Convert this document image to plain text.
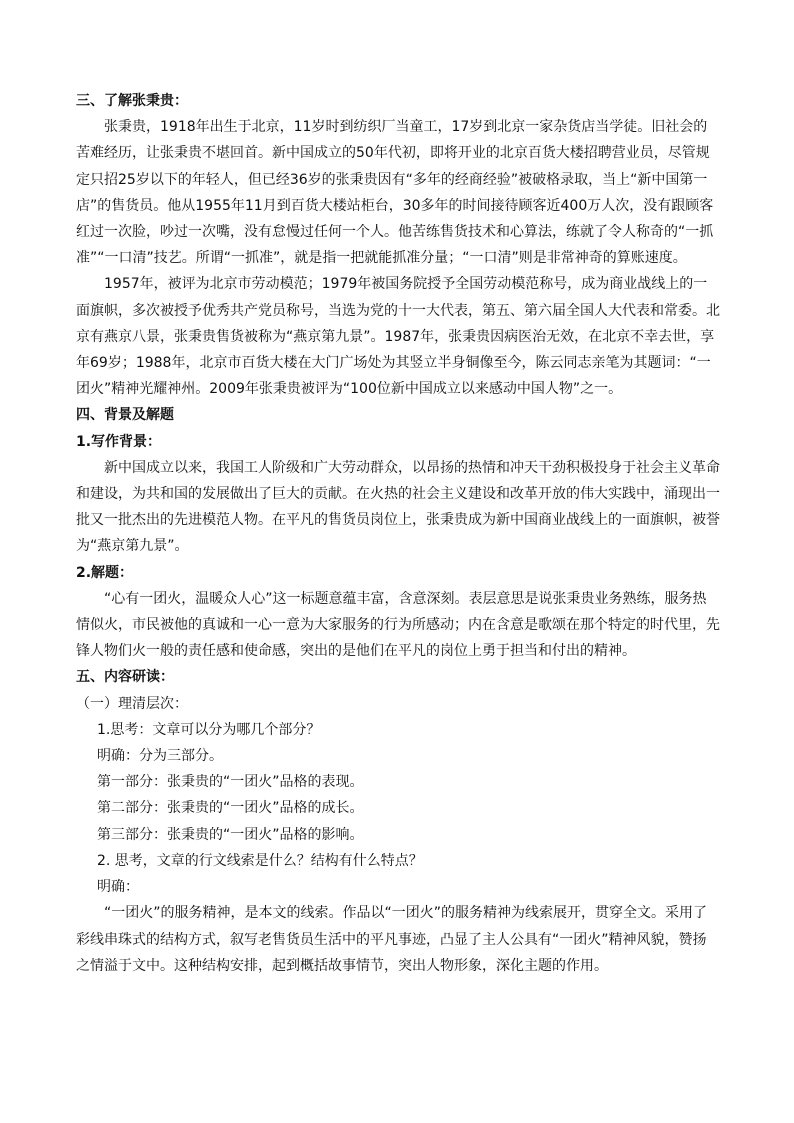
三、了解张秉贵：

张秉贵，1918年出生于北京，11岁时到纺织厂当童工，17岁到北京一家杂货店当学徒。旧社会的苦难经历，让张秉贵不堪回首。新中国成立的50年代初，即将开业的北京百货大楼招聘营业员，尽管规定只招25岁以下的年轻人，但已经36岁的张秉贵因有“多年的经商经验”被破格录取，当上“新中国第一店”的售货员。他从1955年11月到百货大楼站柜台，30多年的时间接待顾客近400万人次，没有跟顾客红过一次脸，吵过一次嘴，没有怠慢过任何一个人。他苦练售货技术和心算法，练就了令人称奇的“一抓准”“一口清”技艺。所谓“一抓准”，就是指一把就能抓准分量；“一口清”则是非常神奇的算账速度。

1957年，被评为北京市劳动模范；1979年被国务院授予全国劳动模范称号，成为商业战线上的一面旗帜，多次被授予优秀共产党员称号，当选为党的十一大代表，第五、第六届全国人大代表和常委。北京有燕京八景，张秉贵售货被称为“燕京第九景”。1987年，张秉贵因病医治无效，在北京不幸去世，享年69岁；1988年，北京市百货大楼在大门广场处为其竖立半身铜像至今，陈云同志亲笔为其题词：“一团火”精神光耀神州。2009年张秉贵被评为“100位新中国成立以来感动中国人物”之一。

四、背景及解题

1.写作背景：

新中国成立以来，我国工人阶级和广大劳动群众，以昂扬的热情和冲天干劲积极投身于社会主义革命和建设，为共和国的发展做出了巨大的贡献。在火热的社会主义建设和改革开放的伟大实践中，涌现出一批又一批杰出的先进模范人物。在平凡的售货员岗位上，张秉贵成为新中国商业战线上的一面旗帜，被誉为“燕京第九景”。

2.解题：

“心有一团火，温暖众人心”这一标题意蕴丰富，含意深刻。表层意思是说张秉贵业务熟练，服务热情似火，市民被他的真诚和一心一意为大家服务的行为所感动；内在含意是歌颂在那个特定的时代里，先锋人物们火一般的责任感和使命感，突出的是他们在平凡的岗位上勇于担当和付出的精神。

五、内容研读：

（一）理清层次：

1.思考：文章可以分为哪几个部分？

明确：分为三部分。

第一部分：张秉贵的“一团火”品格的表现。

第二部分：张秉贵的“一团火”品格的成长。

第三部分：张秉贵的“一团火”品格的影响。

2. 思考，文章的行文线索是什么？结构有什么特点？

明确：

“一团火”的服务精神，是本文的线索。作品以“一团火”的服务精神为线索展开，贯穿全文。采用了彩线串珠式的结构方式，叙写老售货员生活中的平凡事迹，凸显了主人公具有“一团火”精神风貌，赞扬之情溢于文中。这种结构安排，起到概括故事情节，突出人物形象，深化主题的作用。
